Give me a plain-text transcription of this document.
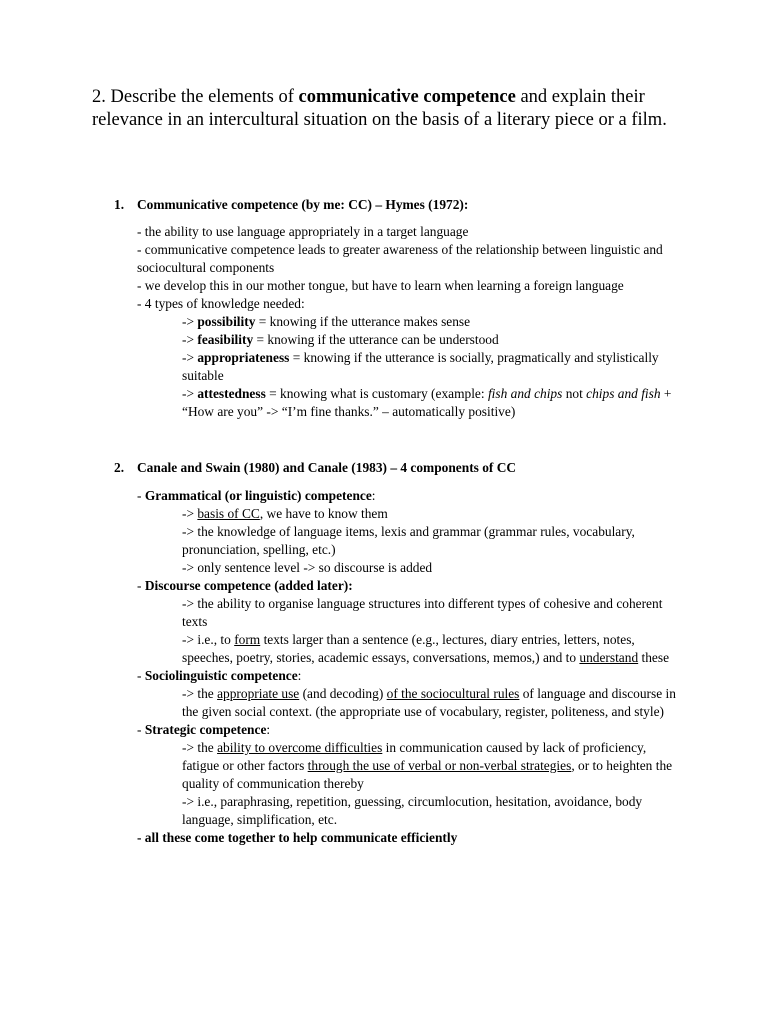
2. Describe the elements of communicative competence and explain their relevance in an intercultural situation on the basis of a literary piece or a film.

1. Communicative competence (by me: CC) – Hymes (1972):

- the ability to use language appropriately in a target language

- communicative competence leads to greater awareness of the relationship between linguistic and sociocultural components

- we develop this in our mother tongue, but have to learn when learning a foreign language

- 4 types of knowledge needed:

-> possibility = knowing if the utterance makes sense

-> feasibility = knowing if the utterance can be understood

-> appropriateness = knowing if the utterance is socially, pragmatically and stylistically suitable

-> attestedness = knowing what is customary (example: fish and chips not chips and fish + “How are you” -> “I’m fine thanks.” – automatically positive)

2. Canale and Swain (1980) and Canale (1983) – 4 components of CC

- Grammatical (or linguistic) competence:

-> basis of CC, we have to know them

-> the knowledge of language items, lexis and grammar (grammar rules, vocabulary, pronunciation, spelling, etc.)

-> only sentence level -> so discourse is added

- Discourse competence (added later):

-> the ability to organise language structures into different types of cohesive and coherent texts

-> i.e., to form texts larger than a sentence (e.g., lectures, diary entries, letters, notes, speeches, poetry, stories, academic essays, conversations, memos,) and to understand these

- Sociolinguistic competence:

-> the appropriate use (and decoding) of the sociocultural rules of language and discourse in the given social context. (the appropriate use of vocabulary, register, politeness, and style)

- Strategic competence:

-> the ability to overcome difficulties in communication caused by lack of proficiency, fatigue or other factors through the use of verbal or non-verbal strategies, or to heighten the quality of communication thereby

-> i.e., paraphrasing, repetition, guessing, circumlocution, hesitation, avoidance, body language, simplification, etc.

- all these come together to help communicate efficiently
